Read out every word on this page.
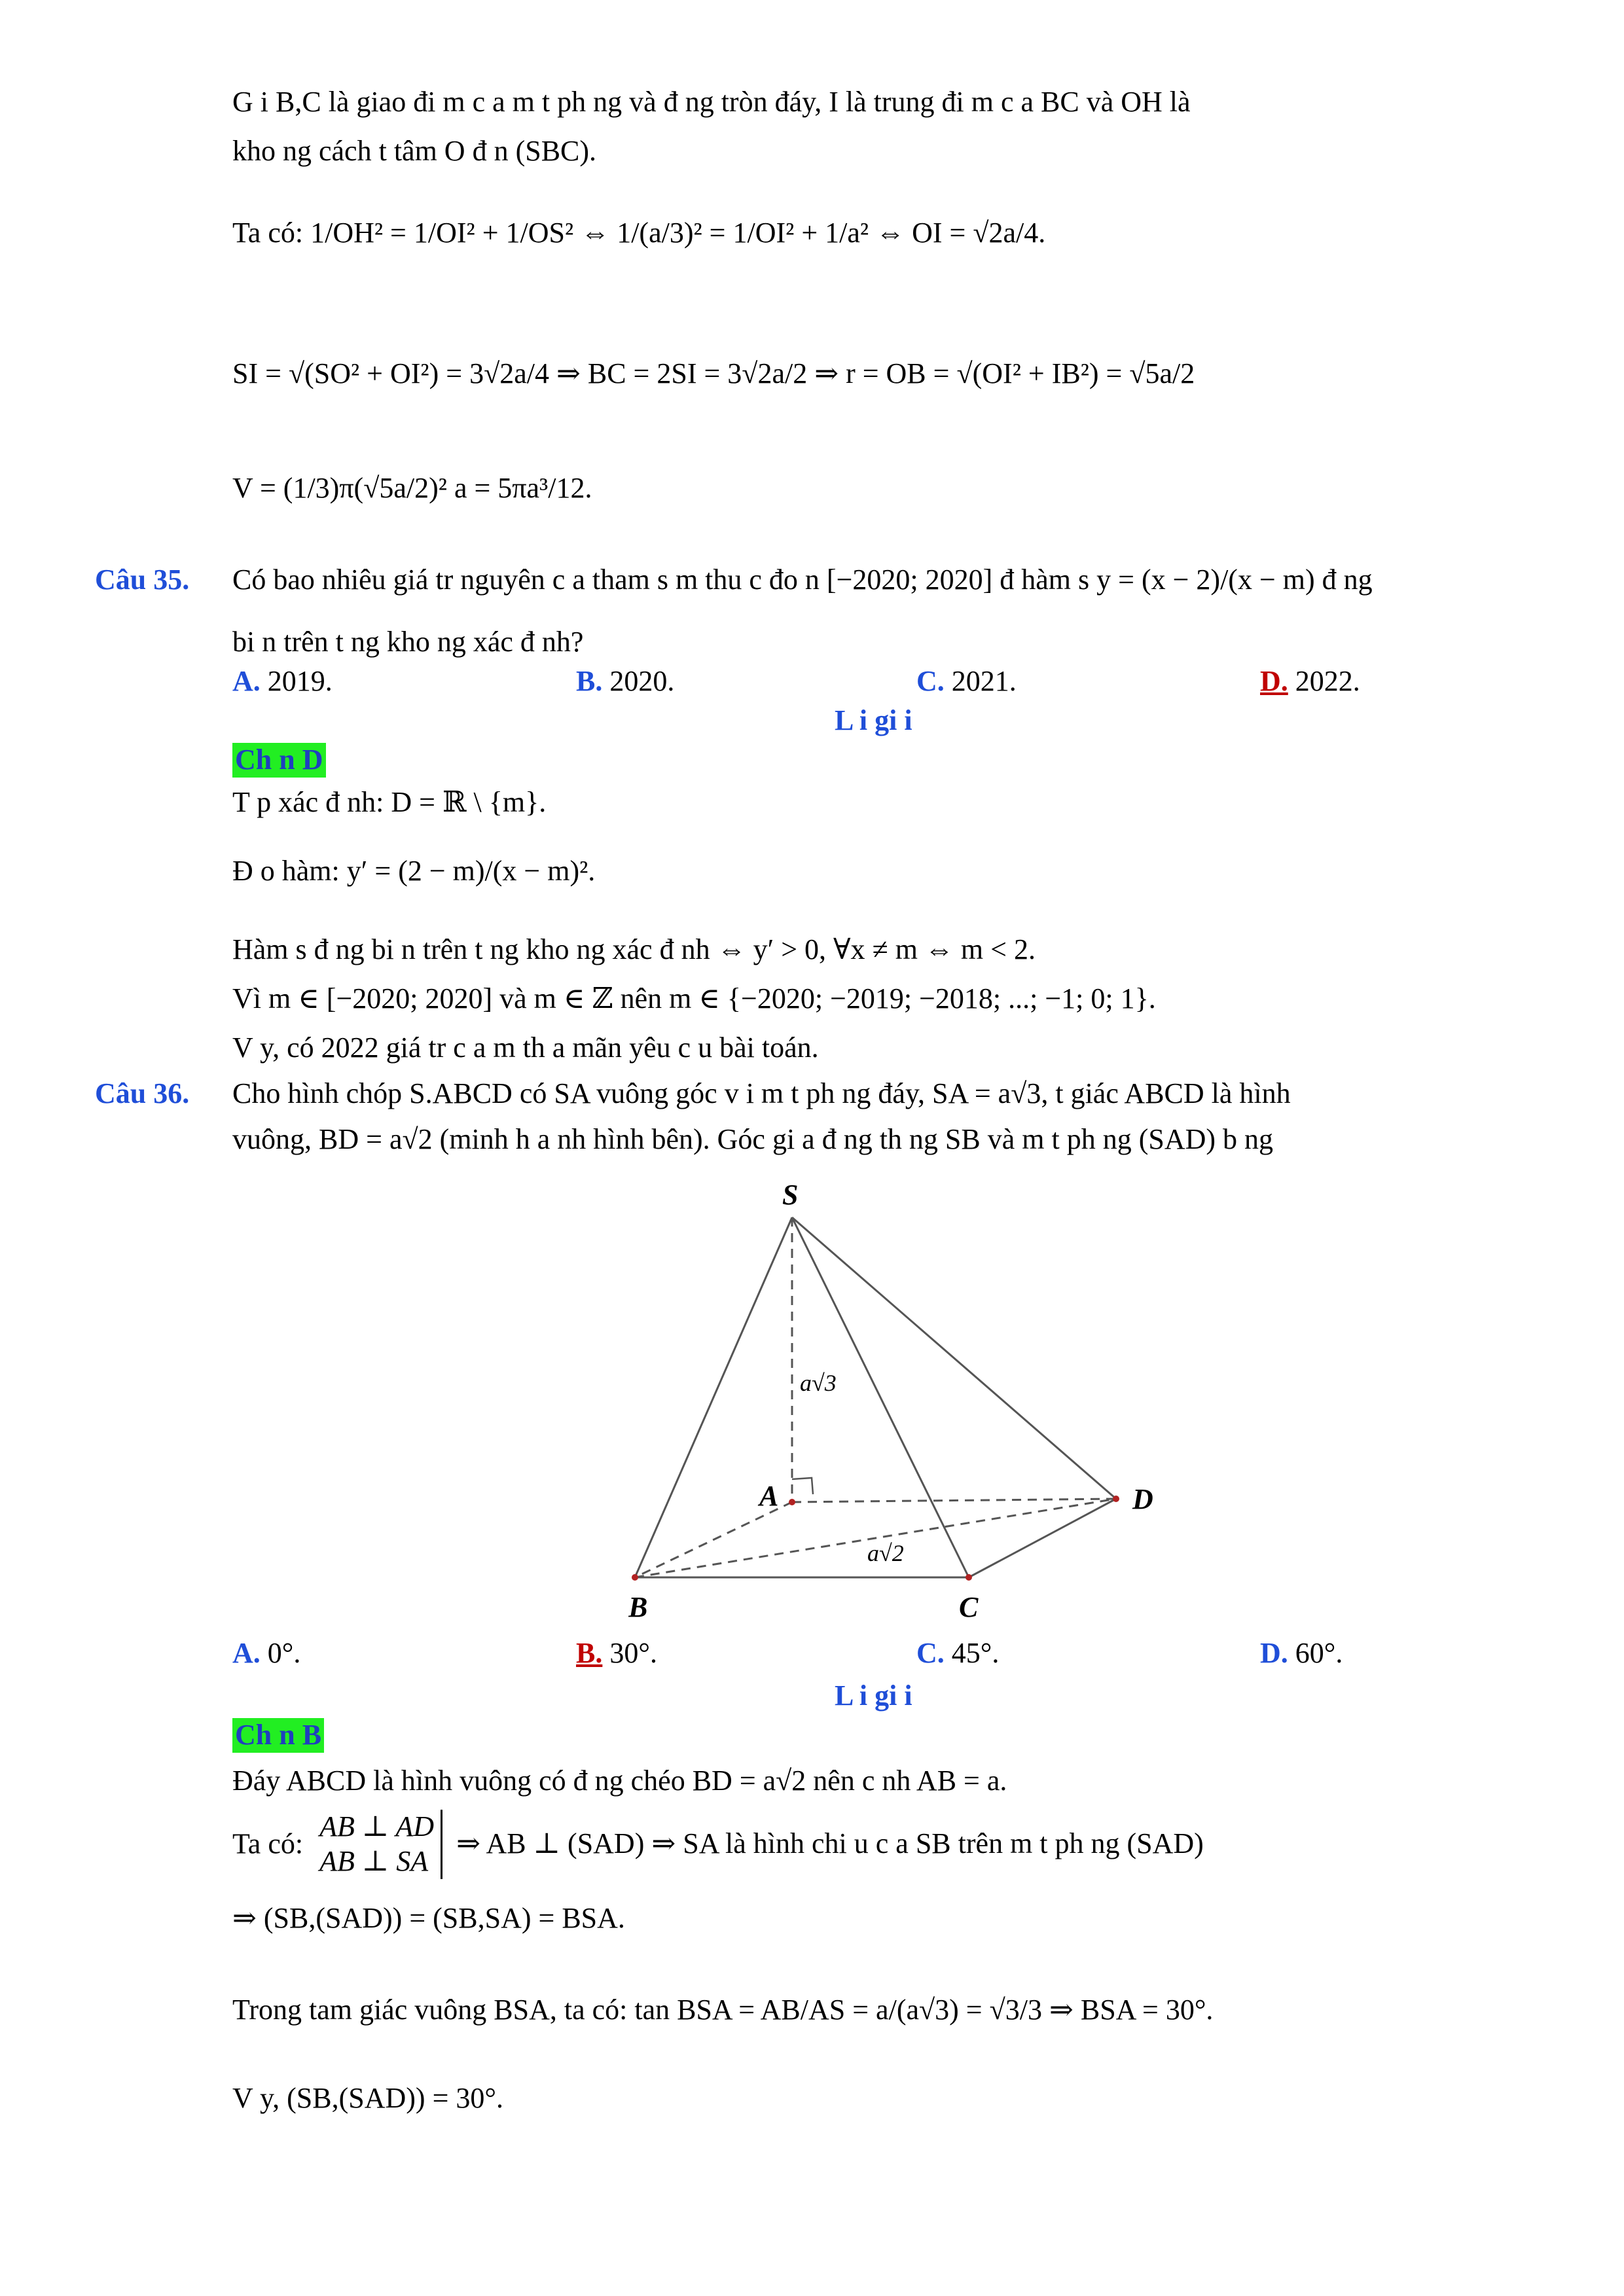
G i B,C là giao đi m c a m t ph ng và đ ng tròn đáy, I là trung đi m c a BC và OH là
kho ng cách t tâm O đ n (SBC).
Ta có: 1/OH² = 1/OI² + 1/OS² ⇔ 1/(a/3)² = 1/OI² + 1/a² ⇔ OI = √2a/4.
SI = √(SO² + OI²) = 3√2a/4 ⇒ BC = 2SI = 3√2a/2 ⇒ r = OB = √(OI² + IB²) = √5a/2
V = (1/3)π(√5a/2)² a = 5πa³/12.
Câu 35. Có bao nhiêu giá tr nguyên c a tham s m thu c đo n [−2020; 2020] đ hàm s y = (x − 2)/(x − m) đ ng
bi n trên t ng kho ng xác đ nh?
A. 2019.	B. 2020.	C. 2021.	D. 2022.
L i gi i
Ch n D
T p xác đ nh: D = ℝ \ {m}.
Đ o hàm: y′ = (2 − m)/(x − m)².
Hàm s đ ng bi n trên t ng kho ng xác đ nh ⇔ y′ > 0, ∀x ≠ m ⇔ m < 2.
Vì m ∈ [−2020; 2020] và m ∈ ℤ nên m ∈ {−2020; −2019; −2018; ...; −1; 0; 1}.
V y, có 2022 giá tr c a m th a mãn yêu c u bài toán.
Câu 36. Cho hình chóp S.ABCD có SA vuông góc v i m t ph ng đáy, SA = a√3, t giác ABCD là hình
vuông, BD = a√2 (minh h a nh hình bên). Góc gi a đ ng th ng SB và m t ph ng (SAD) b ng
S
A
B	C
D
a√3
a√2
A. 0°.	B. 30°.	C. 45°.	D. 60°.
L i gi i
Ch n B
Đáy ABCD là hình vuông có đ ng chéo BD = a√2 nên c nh AB = a.
Ta có:
AB ⊥ AD
AB ⊥ SA
⇒ AB ⊥ (SAD) ⇒ SA là hình chi u c a SB trên m t ph ng (SAD)
⇒ (SB,(SAD)) = (SB,SA) = BSA.
Trong tam giác vuông BSA, ta có: tan BSA = AB/AS = a/(a√3) = √3/3 ⇒ BSA = 30°.
V y, (SB,(SAD)) = 30°.
